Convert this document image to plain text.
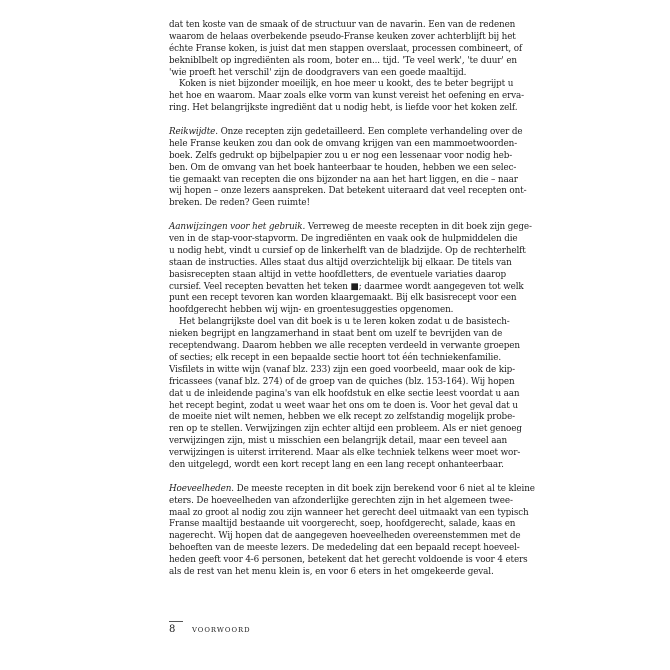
dat ten koste van de smaak of de structuur van de navarin. Een van de redenen
waarom de helaas overbekende pseudo-Franse keuken zover achterblijft bij het
échte Franse koken, is juist dat men stappen overslaat, processen combineert, of
bekniblbelt op ingrediënten als room, boter en... tijd. 'Te veel werk', 'te duur' en
'wie proeft het verschil' zijn de doodgravers van een goede maaltijd.
Koken is niet bijzonder moeilijk, en hoe meer u kookt, des te beter begrijpt u
het hoe en waarom. Maar zoals elke vorm van kunst vereist het oefening en erva-
ring. Het belangrijkste ingrediënt dat u nodig hebt, is liefde voor het koken zelf.
Reikwijdte. Onze recepten zijn gedetailleerd. Een complete verhandeling over de
hele Franse keuken zou dan ook de omvang krijgen van een mammoetwoorden-
boek. Zelfs gedrukt op bijbelpapier zou u er nog een lessenaar voor nodig heb-
ben. Om de omvang van het boek hanteerbaar te houden, hebben we een selec-
tie gemaakt van recepten die ons bijzonder na aan het hart liggen, en die – naar
wij hopen – onze lezers aanspreken. Dat betekent uiteraard dat veel recepten ont-
breken. De reden? Geen ruimte!
Aanwijzingen voor het gebruik. Verreweg de meeste recepten in dit boek zijn gege-
ven in de stap-voor-stapvorm. De ingrediënten en vaak ook de hulpmiddelen die
u nodig hebt, vindt u cursief op de linkerhelft van de bladzijde. Op de rechterhelft
staan de instructies. Alles staat dus altijd overzichtelijk bij elkaar. De titels van
basisrecepten staan altijd in vette hoofdletters, de eventuele variaties daarop
cursief. Veel recepten bevatten het teken ■; daarmee wordt aangegeven tot welk
punt een recept tevoren kan worden klaargemaakt. Bij elk basisrecept voor een
hoofdgerecht hebben wij wijn- en groentesuggesties opgenomen.
Het belangrijkste doel van dit boek is u te leren koken zodat u de basistech-
nieken begrijpt en langzamerhand in staat bent om uzelf te bevrijden van de
receptendwang. Daarom hebben we alle recepten verdeeld in verwante groepen
of secties; elk recept in een bepaalde sectie hoort tot één techniekenfamilie.
Visfilets in witte wijn (vanaf blz. 233) zijn een goed voorbeeld, maar ook de kip-
fricassees (vanaf blz. 274) of de groep van de quiches (blz. 153-164). Wij hopen
dat u de inleidende pagina's van elk hoofdstuk en elke sectie leest voordat u aan
het recept begint, zodat u weet waar het ons om te doen is. Voor het geval dat u
de moeite niet wilt nemen, hebben we elk recept zo zelfstandig mogelijk probe-
ren op te stellen. Verwijzingen zijn echter altijd een probleem. Als er niet genoeg
verwijzingen zijn, mist u misschien een belangrijk detail, maar een teveel aan
verwijzingen is uiterst irriterend. Maar als elke techniek telkens weer moet wor-
den uitgelegd, wordt een kort recept lang en een lang recept onhanteerbaar.
Hoeveelheden. De meeste recepten in dit boek zijn berekend voor 6 niet al te kleine
eters. De hoeveelheden van afzonderlijke gerechten zijn in het algemeen twee-
maal zo groot al nodig zou zijn wanneer het gerecht deel uitmaakt van een typisch
Franse maaltijd bestaande uit voorgerecht, soep, hoofdgerecht, salade, kaas en
nagerecht. Wij hopen dat de aangegeven hoeveelheden overeenstemmen met de
behoeften van de meeste lezers. De mededeling dat een bepaald recept hoeveel-
heden geeft voor 4-6 personen, betekent dat het gerecht voldoende is voor 4 eters
als de rest van het menu klein is, en voor 6 eters in het omgekeerde geval.
8 VOORWOORD
